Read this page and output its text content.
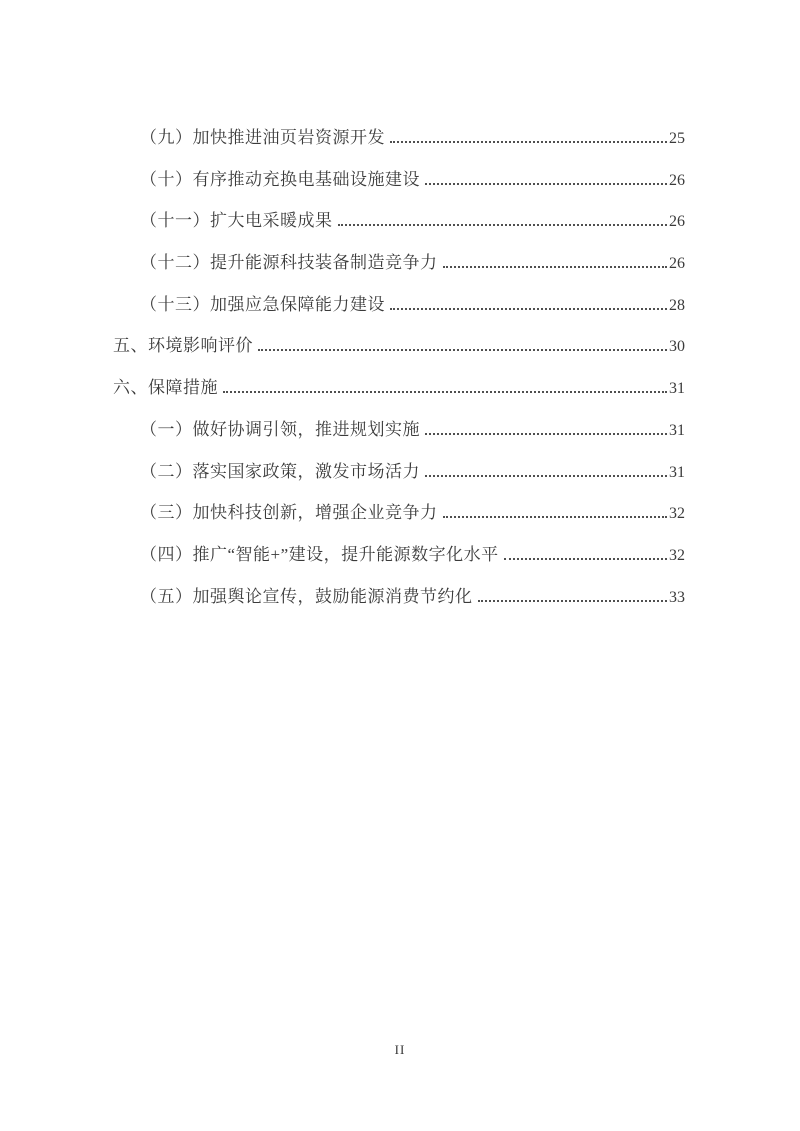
（九）加快推进油页岩资源开发	25
（十）有序推动充换电基础设施建设	26
（十一）扩大电采暖成果	26
（十二）提升能源科技装备制造竞争力	26
（十三）加强应急保障能力建设	28
五、环境影响评价	30
六、保障措施	31
（一）做好协调引领，推进规划实施	31
（二）落实国家政策，激发市场活力	31
（三）加快科技创新，增强企业竞争力	32
（四）推广“智能+”建设，提升能源数字化水平	32
（五）加强舆论宣传，鼓励能源消费节约化	33
II
